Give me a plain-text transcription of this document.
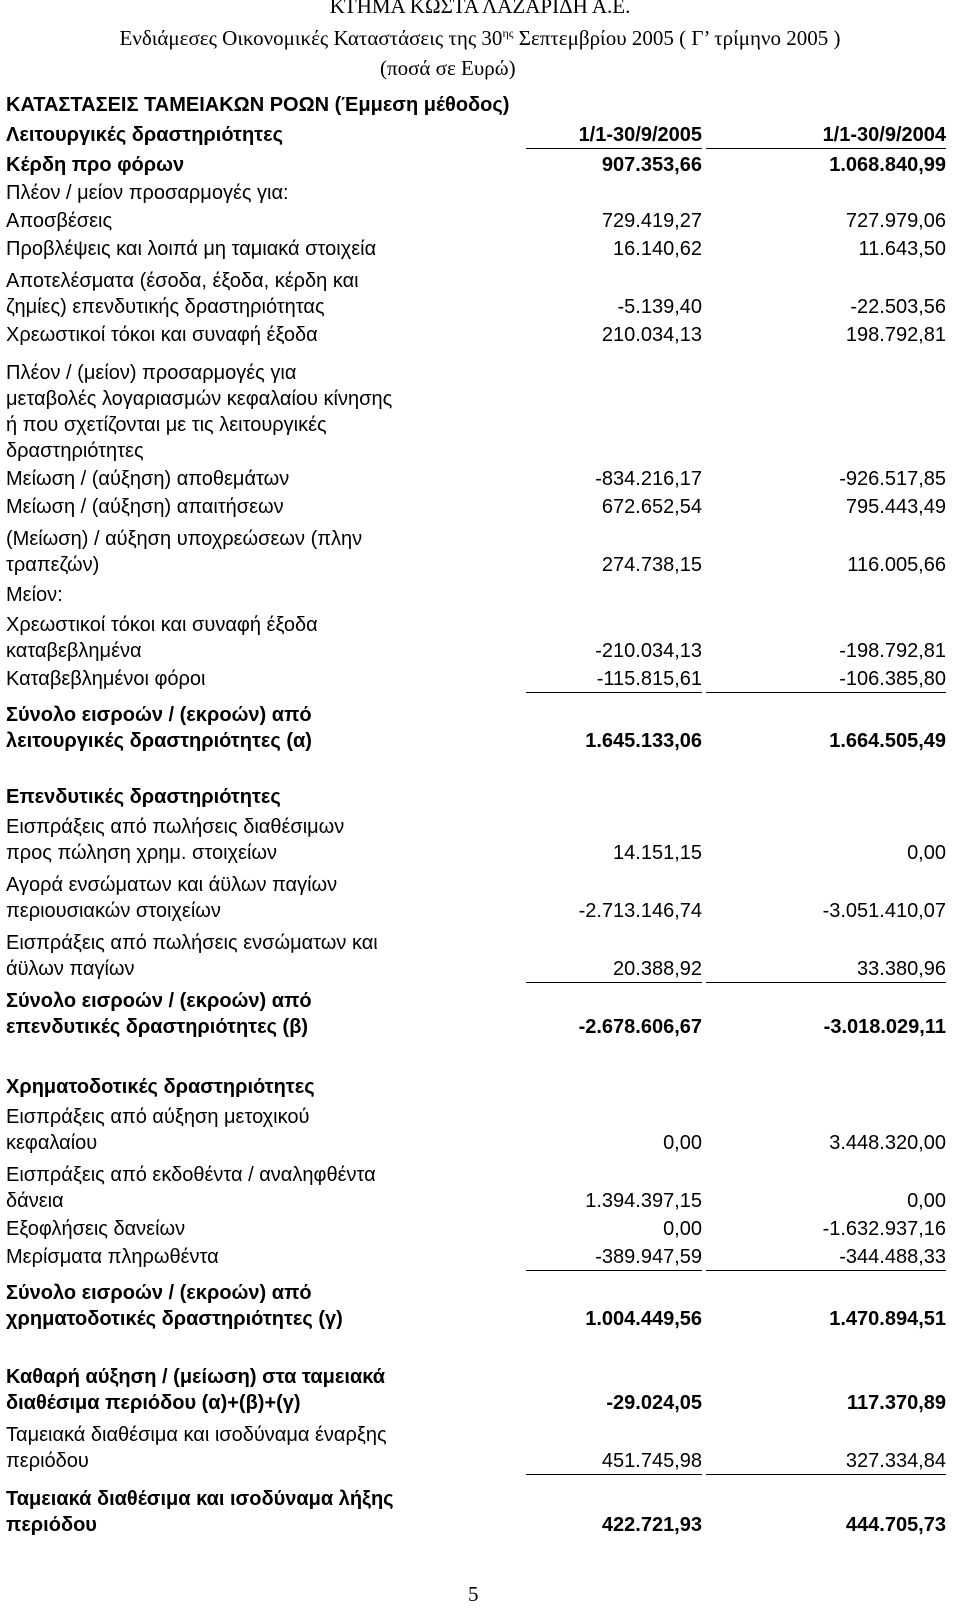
ΚΤΗΜΑ ΚΩΣΤΑ ΛΑΖΑΡΙΔΗ Α.Ε.
Ενδιάμεσες Οικονομικές Καταστάσεις της $30^{\eta\varsigma}$ Σεπτεμβρίου 2005 ( Γ’ τρίμηνο 2005 )
(ποσά σε Ευρώ)
ΚΑΤΑΣΤΑΣΕΙΣ ΤΑΜΕΙΑΚΩΝ ΡΟΩΝ (Έμμεση μέθοδος)
Λειτουργικές δραστηριότητες	1/1-30/9/2005	1/1-30/9/2004
Κέρδη προ φόρων	907.353,66	1.068.840,99
Πλέον / μείον προσαρμογές για:
Αποσβέσεις	729.419,27	727.979,06
Προβλέψεις και λοιπά μη ταμιακά στοιχεία	16.140,62	11.643,50
Αποτελέσματα (έσοδα, έξοδα, κέρδη και
ζημίες) επενδυτικής δραστηριότητας	-5.139,40	-22.503,56
Χρεωστικοί τόκοι και συναφή έξοδα	210.034,13	198.792,81
Πλέον / (μείον) προσαρμογές για
μεταβολές λογαριασμών κεφαλαίου κίνησης
ή που σχετίζονται με τις λειτουργικές
δραστηριότητες
Μείωση / (αύξηση) αποθεμάτων	-834.216,17	-926.517,85
Μείωση / (αύξηση) απαιτήσεων	672.652,54	795.443,49
(Μείωση) / αύξηση υποχρεώσεων (πλην
τραπεζών)	274.738,15	116.005,66
Μείον:
Χρεωστικοί τόκοι και συναφή έξοδα
καταβεβλημένα	-210.034,13	-198.792,81
Καταβεβλημένοι φόροι	-115.815,61	-106.385,80
Σύνολο εισροών / (εκροών) από
λειτουργικές δραστηριότητες (α)	1.645.133,06	1.664.505,49
Επενδυτικές δραστηριότητες
Εισπράξεις από πωλήσεις διαθέσιμων
προς πώληση χρημ. στοιχείων	14.151,15	0,00
Αγορά ενσώματων και άϋλων παγίων
περιουσιακών στοιχείων	-2.713.146,74	-3.051.410,07
Εισπράξεις από πωλήσεις ενσώματων και
άϋλων παγίων	20.388,92	33.380,96
Σύνολο εισροών / (εκροών) από
επενδυτικές δραστηριότητες (β)	-2.678.606,67	-3.018.029,11
Χρηματοδοτικές δραστηριότητες
Εισπράξεις από αύξηση μετοχικού
κεφαλαίου	0,00	3.448.320,00
Εισπράξεις από εκδοθέντα / αναληφθέντα
δάνεια	1.394.397,15	0,00
Εξοφλήσεις δανείων	0,00	-1.632.937,16
Μερίσματα πληρωθέντα	-389.947,59	-344.488,33
Σύνολο εισροών / (εκροών) από
χρηματοδοτικές δραστηριότητες (γ)	1.004.449,56	1.470.894,51
Καθαρή αύξηση / (μείωση) στα ταμειακά
διαθέσιμα περιόδου (α)+(β)+(γ)	-29.024,05	117.370,89
Ταμειακά διαθέσιμα και ισοδύναμα έναρξης
περιόδου	451.745,98	327.334,84
Ταμειακά διαθέσιμα και ισοδύναμα λήξης
περιόδου	422.721,93	444.705,73
5
